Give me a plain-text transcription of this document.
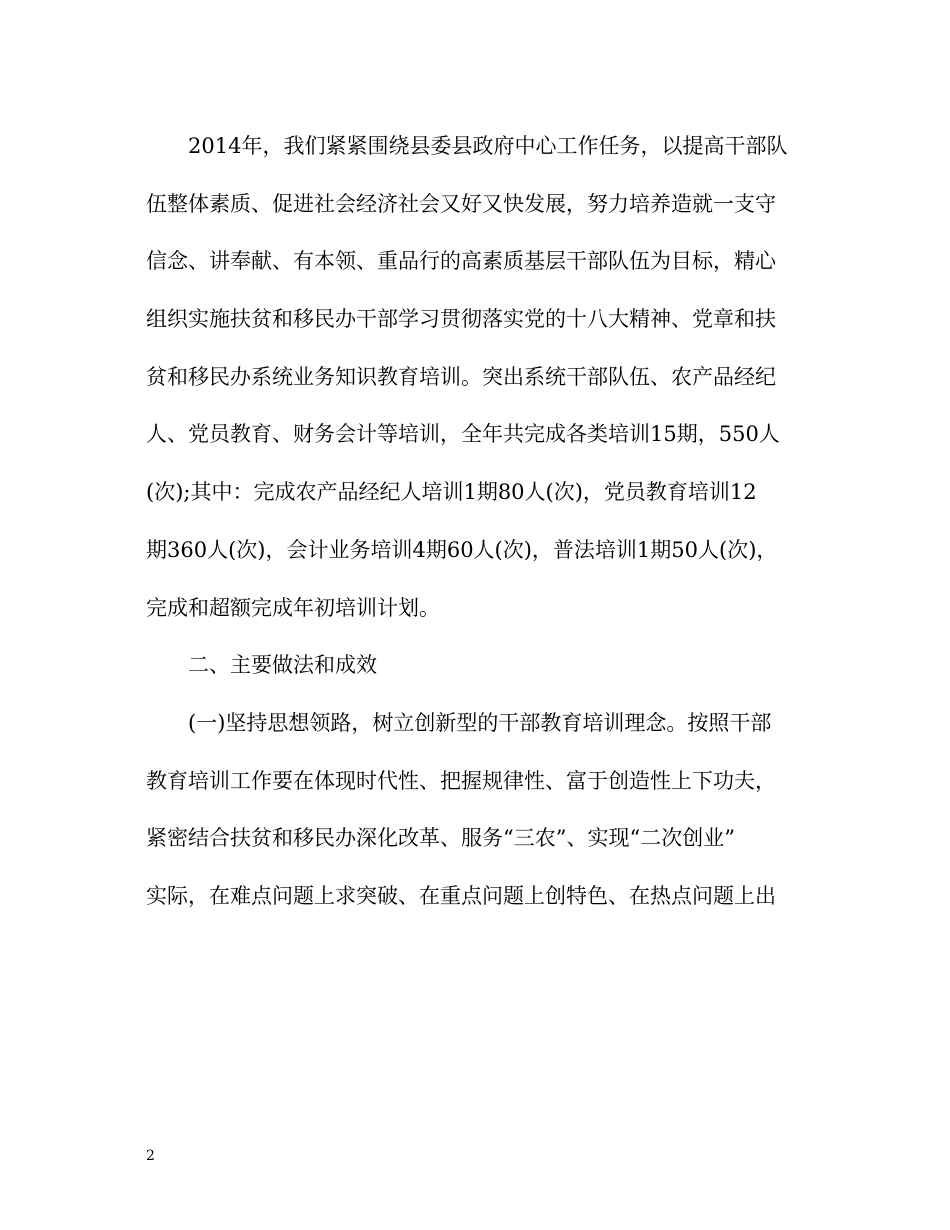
2014年，我们紧紧围绕县委县政府中心工作任务，以提高干部队
伍整体素质、促进社会经济社会又好又快发展，努力培养造就一支守
信念、讲奉献、有本领、重品行的高素质基层干部队伍为目标，精心
组织实施扶贫和移民办干部学习贯彻落实党的十八大精神、党章和扶
贫和移民办系统业务知识教育培训。突出系统干部队伍、农产品经纪
人、党员教育、财务会计等培训，全年共完成各类培训15期，550人
(次);其中：完成农产品经纪人培训1期80人(次)，党员教育培训12
期360人(次)，会计业务培训4期60人(次)，普法培训1期50人(次)，
完成和超额完成年初培训计划。
二、主要做法和成效
(一)坚持思想领路，树立创新型的干部教育培训理念。按照干部
教育培训工作要在体现时代性、把握规律性、富于创造性上下功夫，
紧密结合扶贫和移民办深化改革、服务“三农”、实现“二次创业”
实际，在难点问题上求突破、在重点问题上创特色、在热点问题上出
2
